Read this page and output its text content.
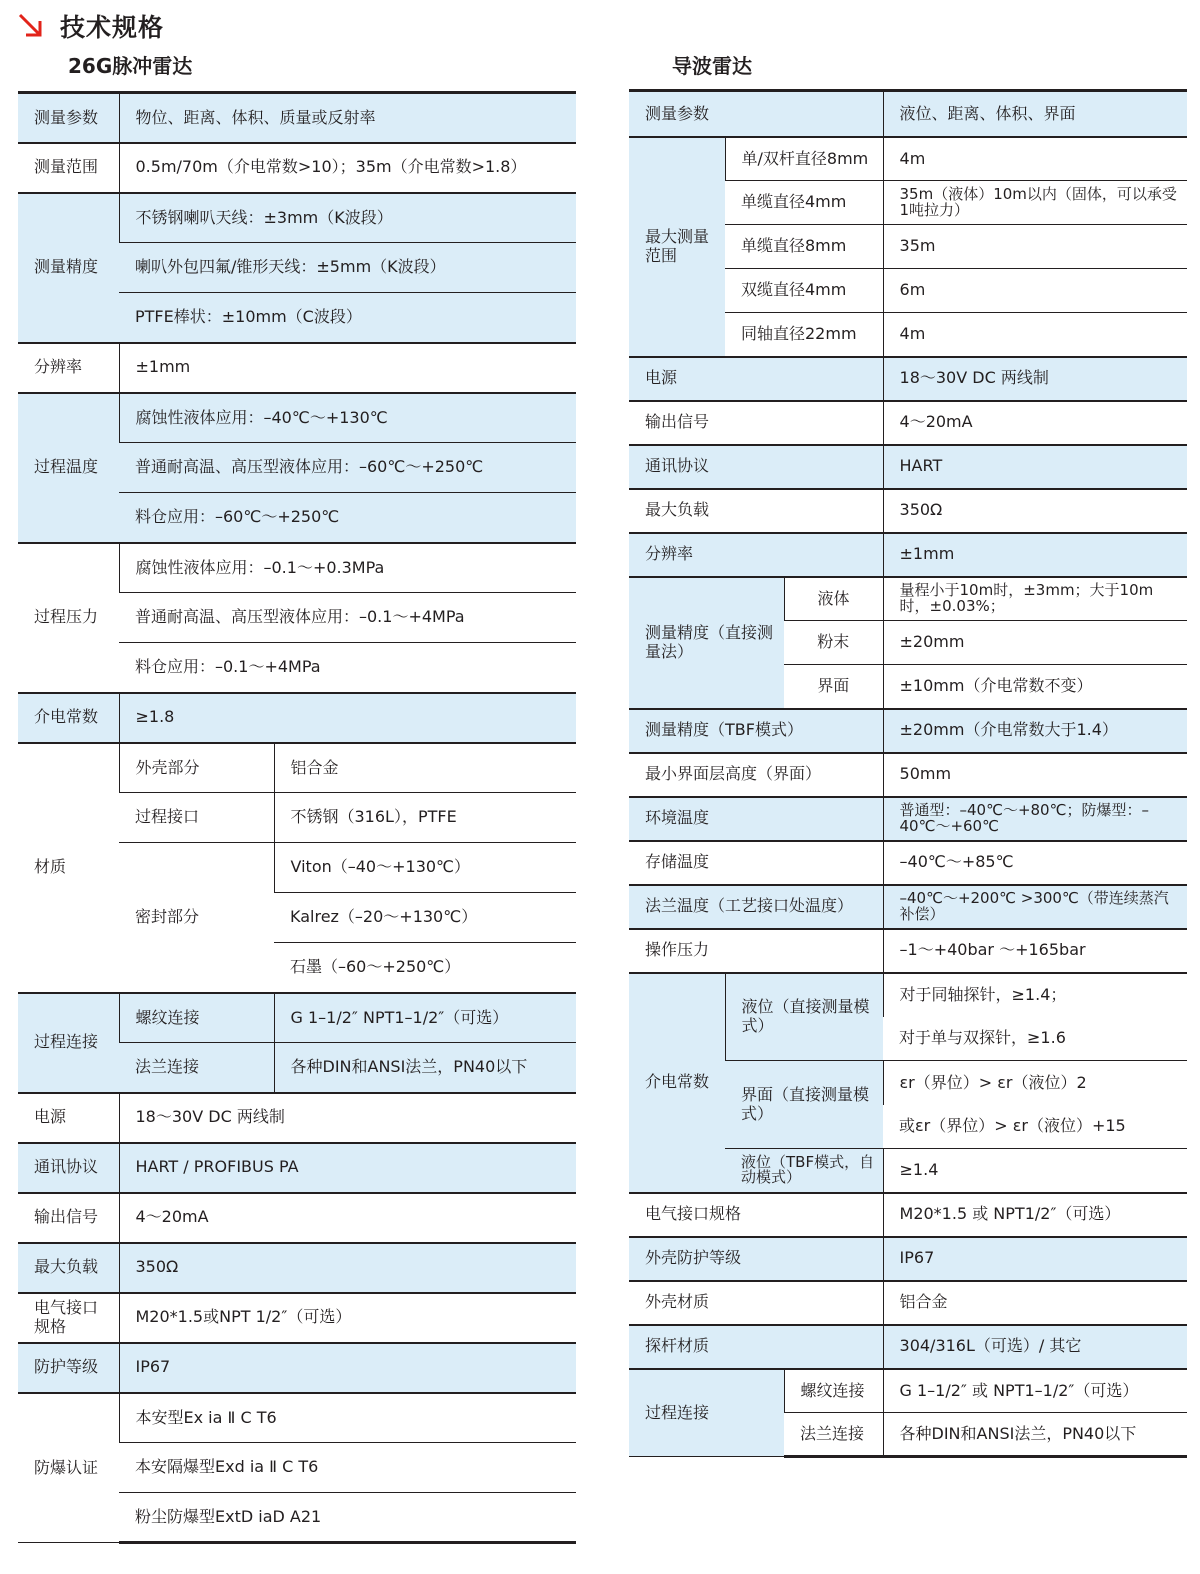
技术规格
26G脉冲雷达	导波雷达
测量参数	物位、距离、体积、质量或反射率	
测量范围	0.5m/70m（介电常数>10）；35m（介电常数>1.8）	
测量精度	不锈钢喇叭天线：±3mm（K波段）	
	喇叭外包四氟/锥形天线：±5mm（K波段）	
	PTFE棒状：±10mm（C波段）	
分辨率	±1mm	
过程温度	腐蚀性液体应用：–40℃～+130℃	
	普通耐高温、高压型液体应用：–60℃～+250℃	
	料仓应用：–60℃～+250℃	
过程压力	腐蚀性液体应用：–0.1～+0.3MPa	
	普通耐高温、高压型液体应用：–0.1～+4MPa	
	料仓应用：–0.1～+4MPa	
介电常数	≥1.8	
材质	外壳部分	铝合金
	过程接口	不锈钢（316L），PTFE
	密封部分	Viton（–40～+130℃）
		Kalrez（–20～+130℃）
		石墨（–60～+250℃）
过程连接	螺纹连接	G 1–1/2″ NPT1–1/2″（可选）
	法兰连接	各种DIN和ANSI法兰，PN40以下
电源	18～30V DC 两线制	
通讯协议	HART / PROFIBUS PA	
输出信号	4～20mA	
最大负载	350Ω	
电气接口规格	M20*1.5或NPT 1/2″（可选）	
防护等级	IP67	
防爆认证	本安型Ex ia Ⅱ C T6	
	本安隔爆型Exd ia Ⅱ C T6	
	粉尘防爆型ExtD iaD A21	
测量参数			液位、距离、体积、界面
最大测量范围	单/双杆直径8mm		4m
	单缆直径4mm		35m（液体）10m以内（固体，可以承受1吨拉力）
	单缆直径8mm		35m
	双缆直径4mm		6m
	同轴直径22mm		4m
电源			18～30V DC 两线制
输出信号			4～20mA
通讯协议			HART
最大负载			350Ω
分辨率			±1mm
测量精度（直接测量法）		液体	量程小于10m时，±3mm；大于10m时，±0.03%；
		粉末	±20mm
		界面	±10mm（介电常数不变）
测量精度（TBF模式）			±20mm（介电常数大于1.4）
最小界面层高度（界面）			50mm
环境温度			普通型：–40℃～+80℃；防爆型：–40℃～+60℃
存储温度			–40℃～+85℃
法兰温度（工艺接口处温度）			–40℃～+200℃ >300℃（带连续蒸汽补偿）
操作压力			–1～+40bar ～+165bar
介电常数	液位（直接测量模式）		对于同轴探针，≥1.4；
			对于单与双探针，≥1.6
	界面（直接测量模式）		εr（界位）> εr（液位）2
			或εr（界位）> εr（液位）+15
	液位（TBF模式，自动模式）		≥1.4
电气接口规格			M20*1.5 或 NPT1/2″（可选）
外壳防护等级			IP67
外壳材质			铝合金
探杆材质			304/316L（可选）/ 其它
过程连接		螺纹连接	G 1–1/2″ 或 NPT1–1/2″（可选）
		法兰连接	各种DIN和ANSI法兰，PN40以下
